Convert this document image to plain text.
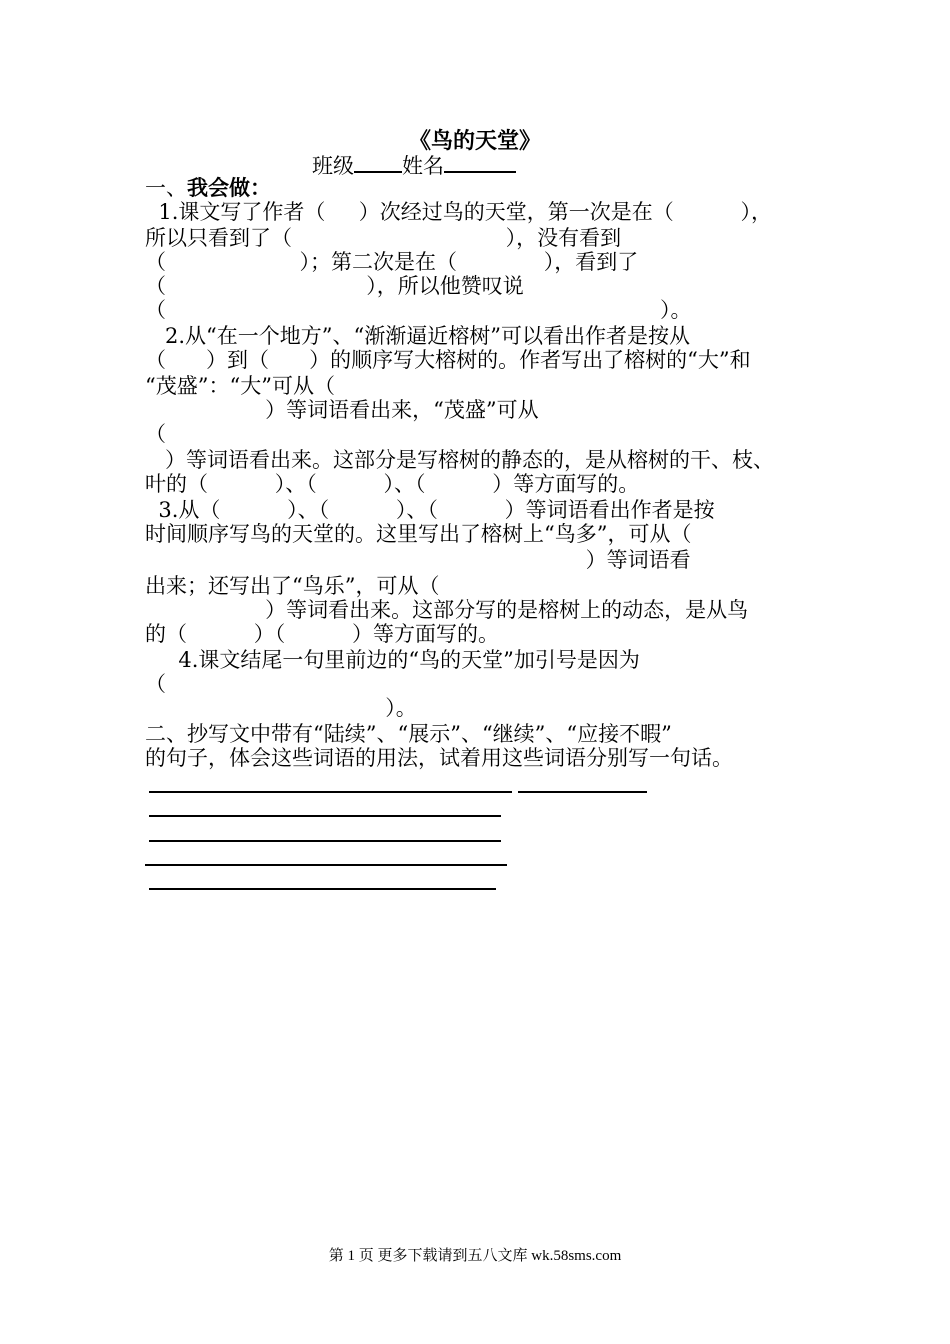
《鸟的天堂》
班级 姓名
一、我会做：
1.课文写了作者（     ）次经过鸟的天堂，第一次是在（          ），
所以只看到了（                                ），没有看到
（                    ）；第二次是在（             ），看到了
（                              ），所以他赞叹说
（                                                                          ）。
2.从“在一个地方”、“渐渐逼近榕树”可以看出作者是按从
（      ）到（      ）的顺序写大榕树的。作者写出了榕树的“大”和
“茂盛”：“大”可从（
）等词语看出来，“茂盛”可从
（
）等词语看出来。这部分是写榕树的静态的，是从榕树的干、枝、
叶的（          ）、（          ）、（          ）等方面写的。
3.从（          ）、（          ）、（          ）等词语看出作者是按
时间顺序写鸟的天堂的。这里写出了榕树上“鸟多”，可从（
）等词语看
出来；还写出了“鸟乐”，可从（
）等词看出来。这部分写的是榕树上的动态，是从鸟
的（          ）（          ）等方面写的。
4.课文结尾一句里前边的“鸟的天堂”加引号是因为
（
）。
二、抄写文中带有“陆续”、“展示”、“继续”、“应接不暇”
的句子，体会这些词语的用法，试着用这些词语分别写一句话。
第 1 页 更多下载请到五八文库 wk.58sms.com
